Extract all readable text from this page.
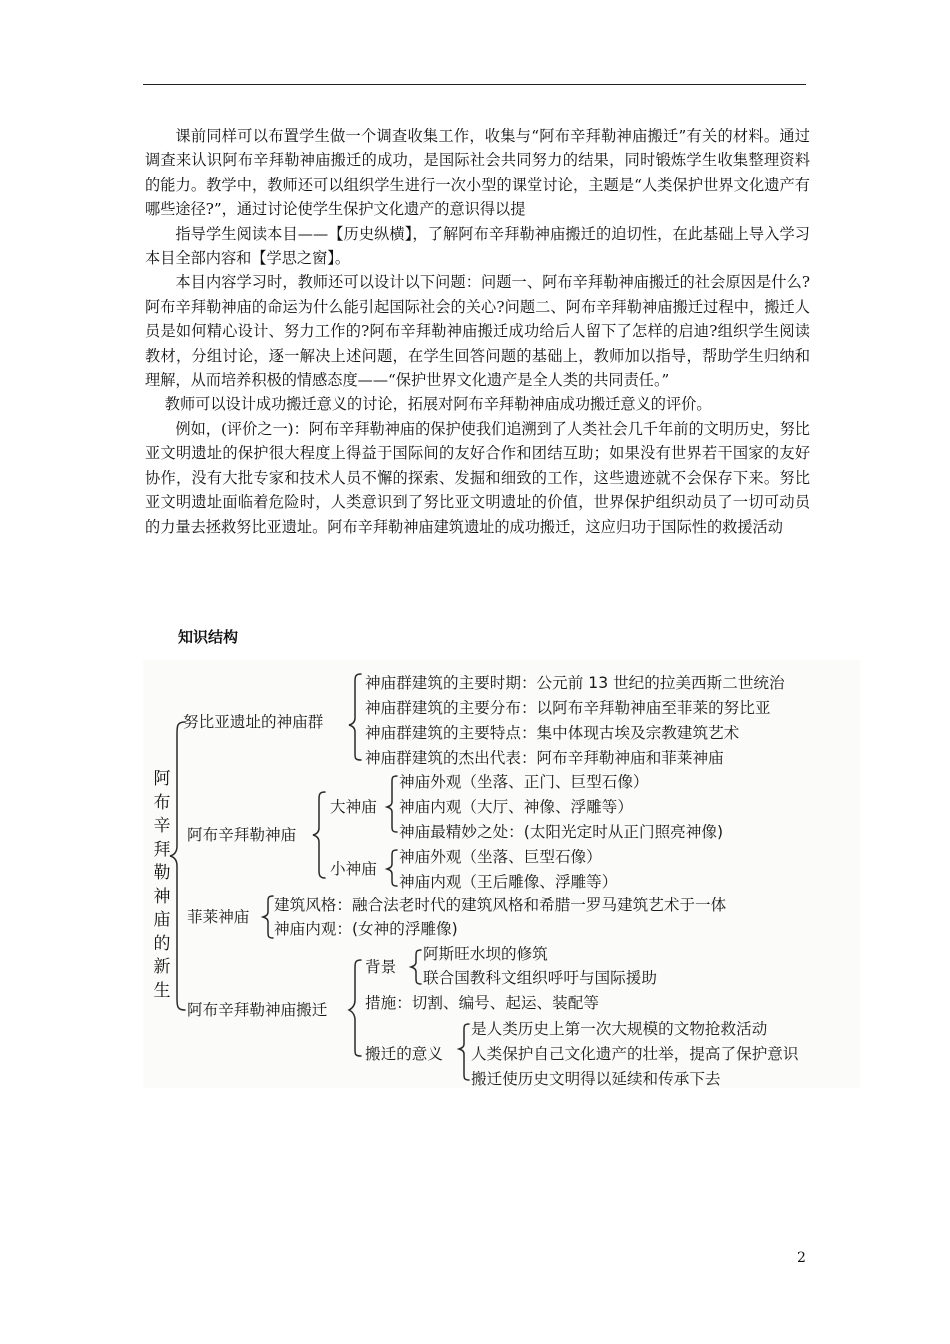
课前同样可以布置学生做一个调查收集工作，收集与“阿布辛拜勒神庙搬迁”有关的材料。通过调查来认识阿布辛拜勒神庙搬迁的成功，是国际社会共同努力的结果，同时锻炼学生收集整理资料的能力。教学中，教师还可以组织学生进行一次小型的课堂讨论，主题是“人类保护世界文化遗产有哪些途径?”，通过讨论使学生保护文化遗产的意识得以提

指导学生阅读本目——【历史纵横】，了解阿布辛拜勒神庙搬迁的迫切性，在此基础上导入学习本目全部内容和【学思之窗】。

本目内容学习时，教师还可以设计以下问题：问题一、阿布辛拜勒神庙搬迁的社会原因是什么?阿布辛拜勒神庙的命运为什么能引起国际社会的关心?问题二、阿布辛拜勒神庙搬迁过程中，搬迁人员是如何精心设计、努力工作的?阿布辛拜勒神庙搬迁成功给后人留下了怎样的启迪?组织学生阅读教材，分组讨论，逐一解决上述问题，在学生回答问题的基础上，教师加以指导，帮助学生归纳和理解，从而培养积极的情感态度——“保护世界文化遗产是全人类的共同责任。”

教师可以设计成功搬迁意义的讨论，拓展对阿布辛拜勒神庙成功搬迁意义的评价。

例如，(评价之一)：阿布辛拜勒神庙的保护使我们追溯到了人类社会几千年前的文明历史，努比亚文明遗址的保护很大程度上得益于国际间的友好合作和团结互助；如果没有世界若干国家的友好协作，没有大批专家和技术人员不懈的探索、发掘和细致的工作，这些遗迹就不会保存下来。努比亚文明遗址面临着危险时，人类意识到了努比亚文明遗址的价值，世界保护组织动员了一切可动员的力量去拯救努比亚遗址。阿布辛拜勒神庙建筑遗址的成功搬迁，这应归功于国际性的救援活动

知识结构
阿布辛拜勒神庙的新生
努比亚遗址的神庙群
神庙群建筑的主要时期：公元前 13 世纪的拉美西斯二世统治
神庙群建筑的主要分布：以阿布辛拜勒神庙至菲莱的努比亚
神庙群建筑的主要特点：集中体现古埃及宗教建筑艺术
神庙群建筑的杰出代表：阿布辛拜勒神庙和菲莱神庙
阿布辛拜勒神庙
大神庙
神庙外观（坐落、正门、巨型石像）
神庙内观（大厅、神像、浮雕等）
神庙最精妙之处：(太阳光定时从正门照亮神像)
小神庙
神庙外观（坐落、巨型石像）
神庙内观（王后雕像、浮雕等）
菲莱神庙
建筑风格：融合法老时代的建筑风格和希腊一罗马建筑艺术于一体
神庙内观：(女神的浮雕像)
阿布辛拜勒神庙搬迁
背景
阿斯旺水坝的修筑
联合国教科文组织呼吁与国际援助
措施：切割、编号、起运、装配等
搬迁的意义
是人类历史上第一次大规模的文物抢救活动
人类保护自己文化遗产的壮举，提高了保护意识
搬迁使历史文明得以延续和传承下去
2
